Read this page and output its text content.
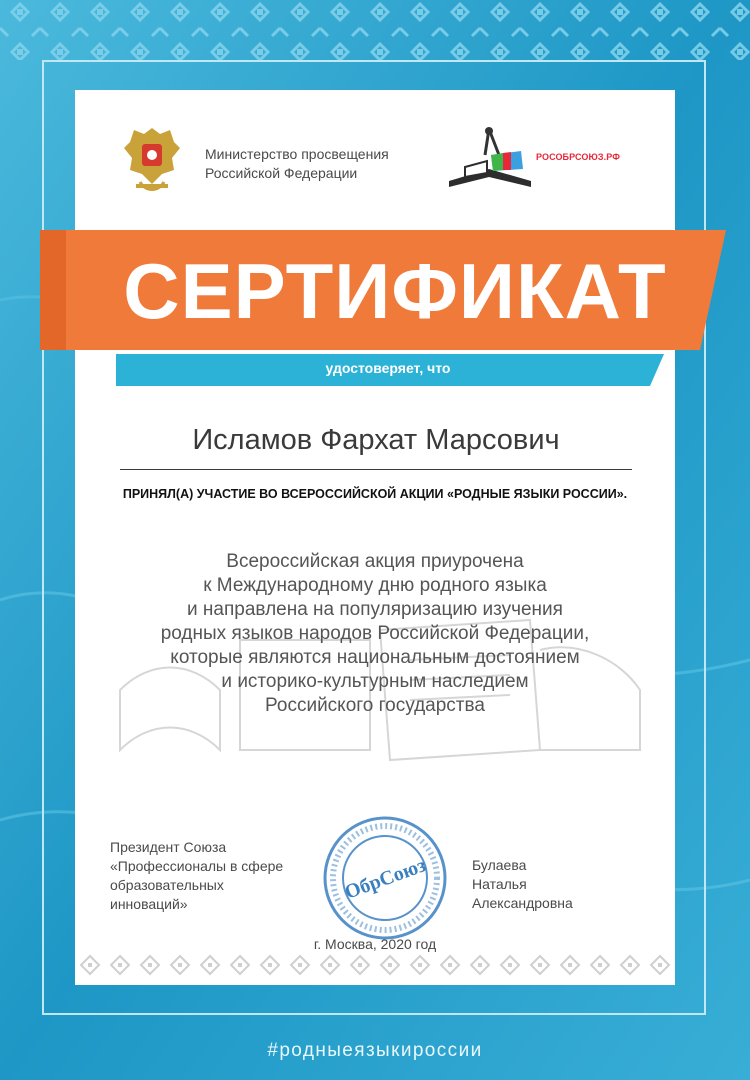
Министерство просвещения
Российской Федерации
РОСОБРСОЮЗ.РФ
СЕРТИФИКАТ
удостоверяет, что
Исламов Фархат Марсович
ПРИНЯЛ(А) УЧАСТИЕ ВО ВСЕРОССИЙСКОЙ АКЦИИ «РОДНЫЕ ЯЗЫКИ РОССИИ».
Всероссийская акция приурочена
к Международному дню родного языка
и направлена на популяризацию изучения
родных языков народов Российской Федерации,
которые являются национальным достоянием
и историко-культурным наследием
Российского государства
Президент Союза
«Профессионалы в сфере
образовательных
инноваций»
ОбрСоюз	Булаева
Наталья
Александровна
г. Москва, 2020 год
#родныеязыкироссии
